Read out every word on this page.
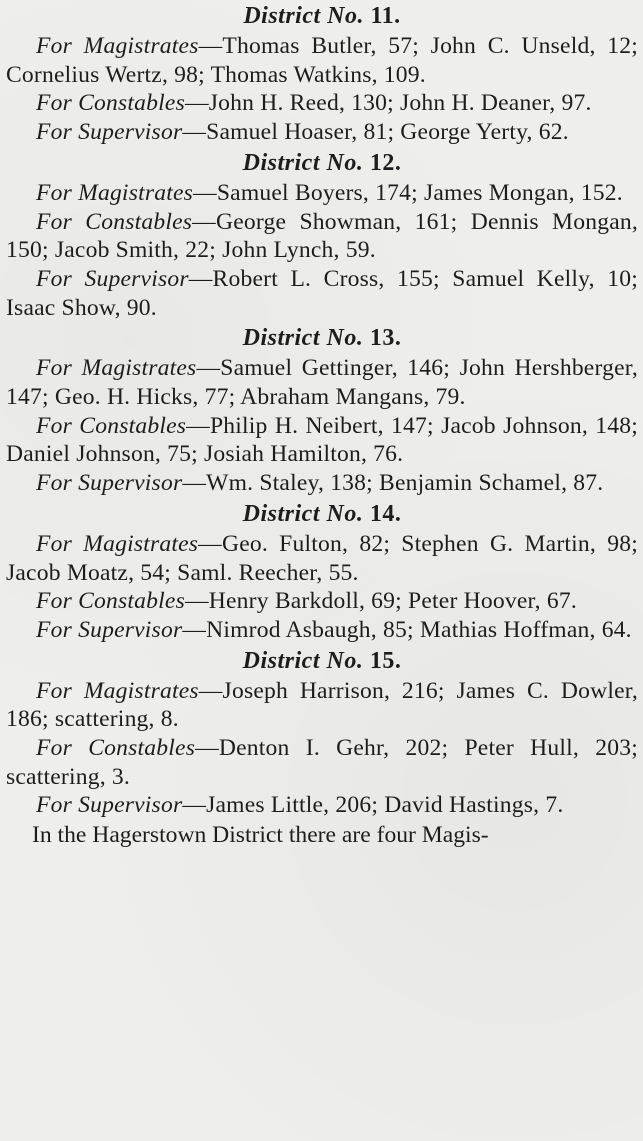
District No. 11.

For Magistrates—Thomas Butler, 57; John C. Unseld, 12; Cornelius Wertz, 98; Thomas Watkins, 109.

For Constables—John H. Reed, 130; John H. Deaner, 97.

For Supervisor—Samuel Hoaser, 81; George Yerty, 62.

District No. 12.

For Magistrates—Samuel Boyers, 174; James Mongan, 152.

For Constables—George Showman, 161; Dennis Mongan, 150; Jacob Smith, 22; John Lynch, 59.

For Supervisor—Robert L. Cross, 155; Samuel Kelly, 10; Isaac Show, 90.

District No. 13.

For Magistrates—Samuel Gettinger, 146; John Hershberger, 147; Geo. H. Hicks, 77; Abraham Mangans, 79.

For Constables—Philip H. Neibert, 147; Jacob Johnson, 148; Daniel Johnson, 75; Josiah Hamilton, 76.

For Supervisor—Wm. Staley, 138; Benjamin Schamel, 87.

District No. 14.

For Magistrates—Geo. Fulton, 82; Stephen G. Martin, 98; Jacob Moatz, 54; Saml. Reecher, 55.

For Constables—Henry Barkdoll, 69; Peter Hoover, 67.

For Supervisor—Nimrod Asbaugh, 85; Mathias Hoffman, 64.

District No. 15.

For Magistrates—Joseph Harrison, 216; James C. Dowler, 186; scattering, 8.

For Constables—Denton I. Gehr, 202; Peter Hull, 203; scattering, 3.

For Supervisor—James Little, 206; David Hastings, 7.

In the Hagerstown District there are four Magis-
